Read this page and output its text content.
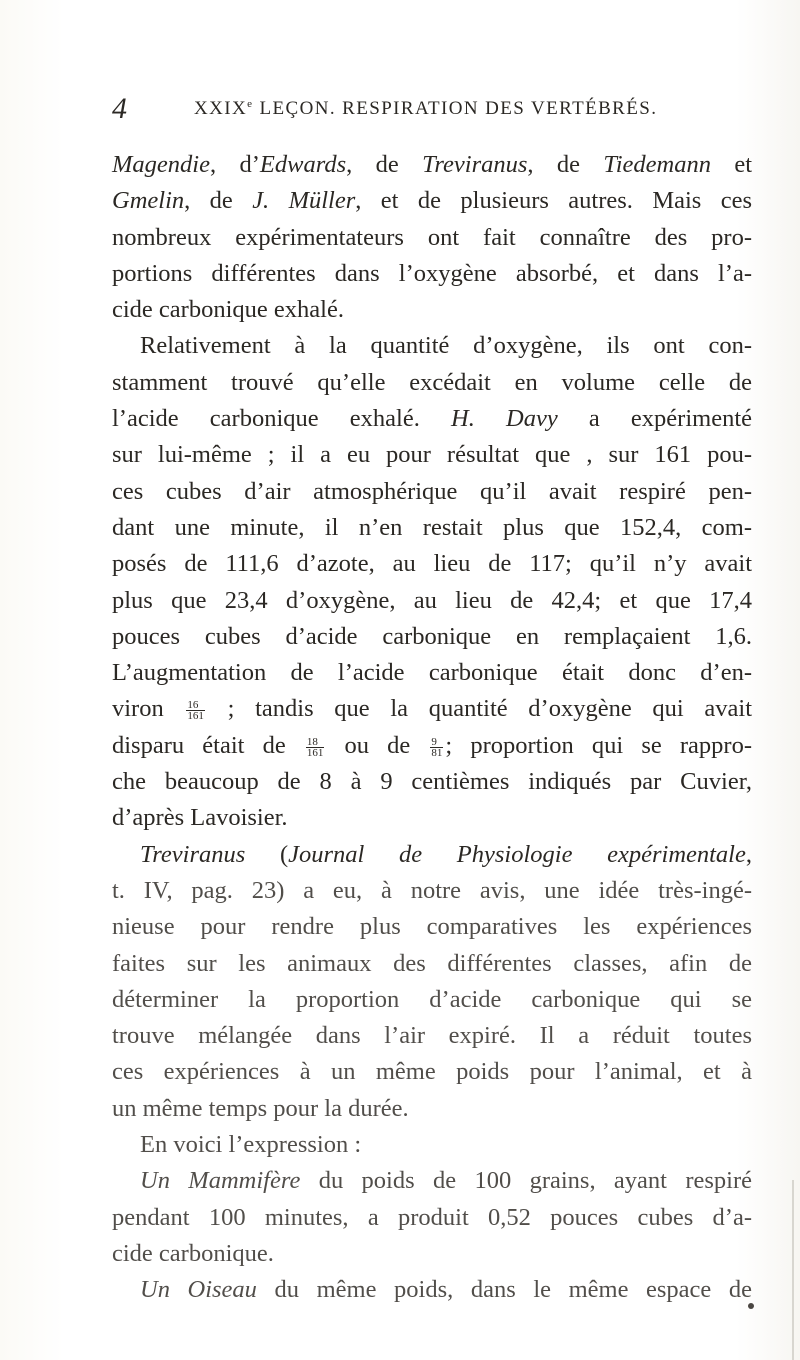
4	XXIXe LEÇON. RESPIRATION DES VERTÉBRÉS.
Magendie, d’Edwards, de Treviranus, de Tiedemann et
Gmelin, de J. Müller, et de plusieurs autres. Mais ces
nombreux expérimentateurs ont fait connaître des pro-
portions différentes dans l’oxygène absorbé, et dans l’a-
cide carbonique exhalé.
Relativement à la quantité d’oxygène, ils ont con-
stamment trouvé qu’elle excédait en volume celle de
l’acide carbonique exhalé. H. Davy a expérimenté
sur lui-même ; il a eu pour résultat que , sur 161 pou-
ces cubes d’air atmosphérique qu’il avait respiré pen-
dant une minute, il n’en restait plus que 152,4, com-
posés de 111,6 d’azote, au lieu de 117; qu’il n’y avait
plus que 23,4 d’oxygène, au lieu de 42,4; et que 17,4
pouces cubes d’acide carbonique en remplaçaient 1,6.
L’augmentation de l’acide carbonique était donc d’en-
viron $\frac{16}{161}$ ; tandis que la quantité d’oxygène qui avait
disparu était de $\frac{18}{161}$ ou de $\frac{9}{81}$ ; proportion qui se rappro-
che beaucoup de 8 à 9 centièmes indiqués par Cuvier,
d’après Lavoisier.
Treviranus (Journal de Physiologie expérimentale,
t. IV, pag. 23) a eu, à notre avis, une idée très-ingé-
nieuse pour rendre plus comparatives les expériences
faites sur les animaux des différentes classes, afin de
déterminer la proportion d’acide carbonique qui se
trouve mélangée dans l’air expiré. Il a réduit toutes
ces expériences à un même poids pour l’animal, et à
un même temps pour la durée.
En voici l’expression :
Un Mammifère du poids de 100 grains, ayant respiré
pendant 100 minutes, a produit 0,52 pouces cubes d’a-
cide carbonique.
Un Oiseau du même poids, dans le même espace de
